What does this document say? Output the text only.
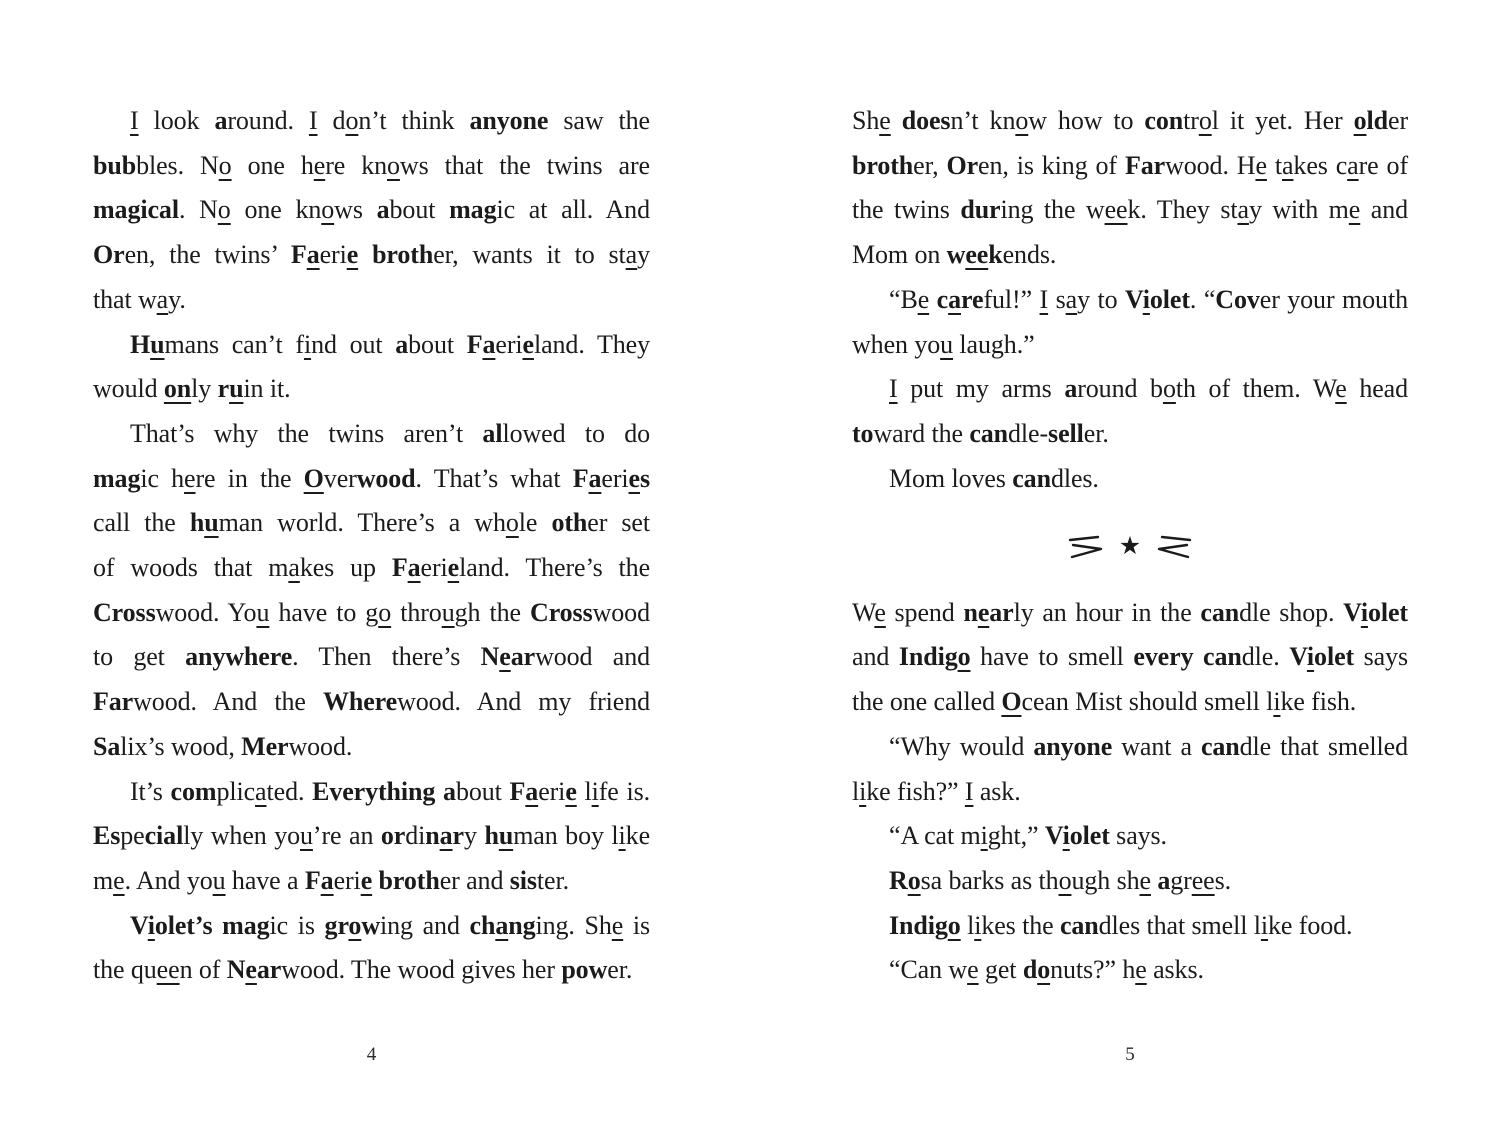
I look around. I don’t think anyone saw the
bubbles. No one here knows that the twins are
magical. No one knows about magic at all. And
Oren, the twins’ Faerie brother, wants it to stay
that way.
Humans can’t find out about Faerieland. They
would only ruin it.
That’s why the twins aren’t allowed to do
magic here in the Overwood. That’s what Faeries
call the human world. There’s a whole other set
of woods that makes up Faerieland. There’s the
Crosswood. You have to go through the Crosswood
to get anywhere. Then there’s Nearwood and
Farwood. And the Wherewood. And my friend
Salix’s wood, Merwood.
It’s complicated. Everything about Faerie life is.
Especially when you’re an ordinary human boy like
me. And you have a Faerie brother and sister.
Violet’s magic is growing and changing. She is
the queen of Nearwood. The wood gives her power.
She doesn’t know how to control it yet. Her older
brother, Oren, is king of Farwood. He takes care of
the twins during the week. They stay with me and
Mom on weekends.
“Be careful!” I say to Violet. “Cover your mouth
when you laugh.”
I put my arms around both of them. We head
toward the candle-seller.
Mom loves candles.
★
We spend nearly an hour in the candle shop. Violet
and Indigo have to smell every candle. Violet says
the one called Ocean Mist should smell like fish.
“Why would anyone want a candle that smelled
like fish?” I ask.
“A cat might,” Violet says.
Rosa barks as though she agrees.
Indigo likes the candles that smell like food.
“Can we get donuts?” he asks.
4	5
